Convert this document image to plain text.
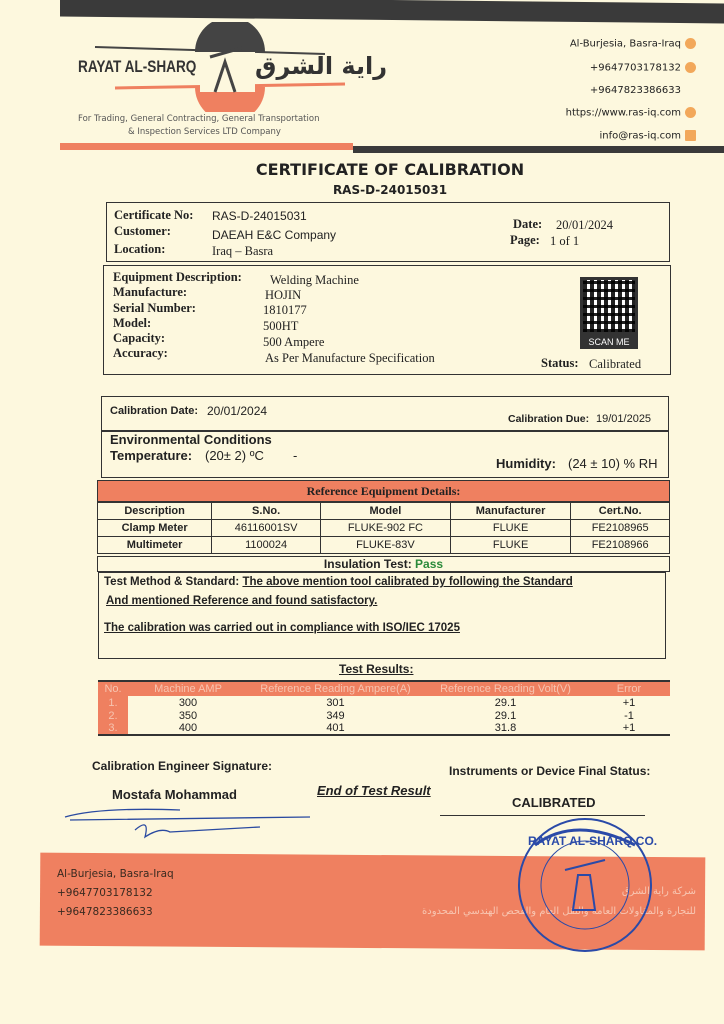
RAYAT AL-SHARQ راية الشرق
For Trading, General Contracting, General Transportation
& Inspection Services LTD Company
Al-Burjesia, Basra-Iraq
+9647703178132
+9647823386633
https://www.ras-iq.com
info@ras-iq.com
CERTIFICATE OF CALIBRATION
RAS-D-24015031
Certificate No: RAS-D-24015031
Customer:	DAEAH E&C Company
Location:	Iraq – Basra
Date: 20/01/2024
Page: 1 of 1
Equipment Description: Welding Machine
Manufacture:	HOJIN
Serial Number:	1810177
Model:	500HT
Capacity:	500 Ampere
Accuracy:	As Per Manufacture Specification
SCAN ME
Status: Calibrated
Calibration Date: 20/01/2024
Calibration Due: 19/01/2025
Environmental Conditions
Temperature: (20± 2) ºC -
Humidity: (24 ± 10) % RH
Reference Equipment Details:
Description	S.No.	Model	Manufacturer	Cert.No.
Clamp Meter	46116001SV	FLUKE-902 FC	FLUKE	FE2108965
Multimeter	1100024	FLUKE-83V	FLUKE	FE2108966
Insulation Test: Pass
Test Method & Standard: The above mention tool calibrated by following the Standard
And mentioned Reference and found satisfactory.
The calibration was carried out in compliance with ISO/IEC 17025
Test Results:
No.	Machine AMP	Reference Reading Ampere(A)	Reference Reading Volt(V)	Error
1.	300	301	29.1	+1
2.	350	349	29.1	-1
3.	400	401	31.8	+1
Calibration Engineer Signature:
Mostafa Mohammad	End of Test Result
Instruments or Device Final Status:
CALIBRATED
Al-Burjesia, Basra-Iraq
+9647703178132
+9647823386633
شركة راية الشرق
للتجارة والمقاولات العامة والنقل العام والفحص الهندسي المحدودة
RAYAT AL-SHARQ CO.
